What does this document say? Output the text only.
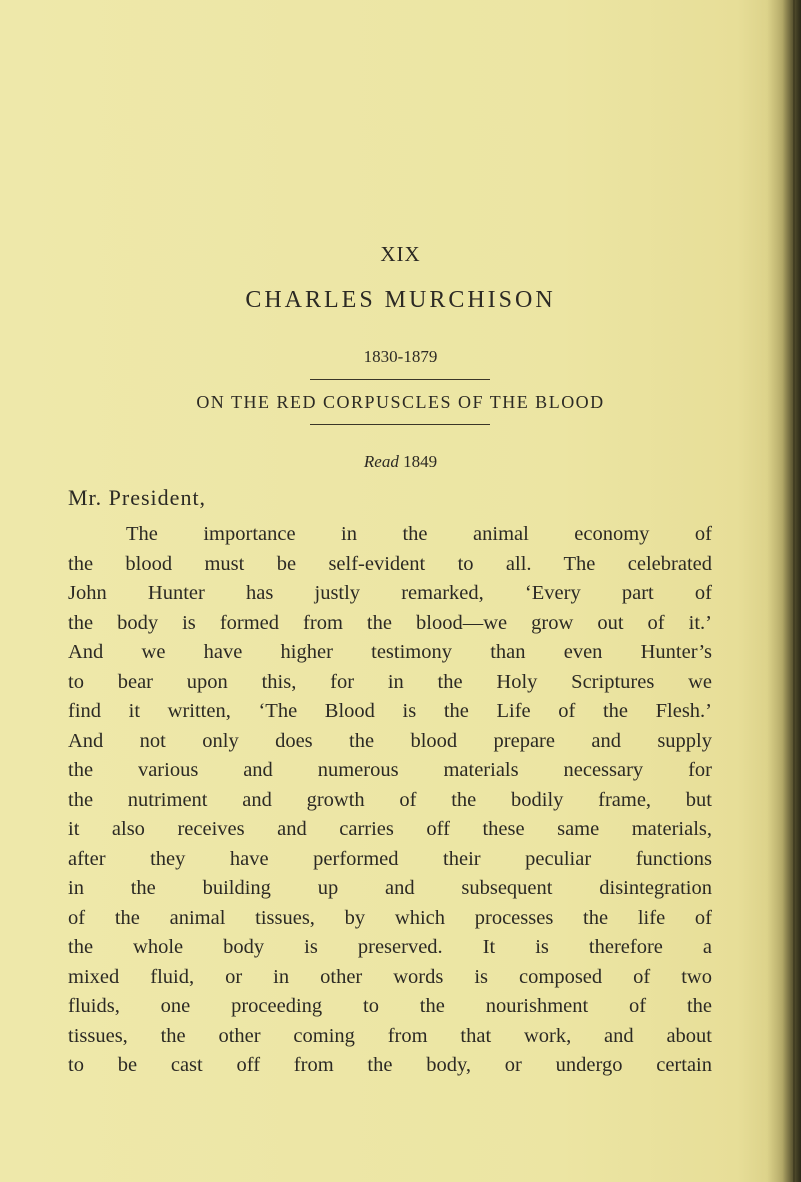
XIX
CHARLES MURCHISON
1830-1879
ON THE RED CORPUSCLES OF THE BLOOD
Read 1849
Mr. President,
The importance in the animal economy of
the blood must be self-evident to all. The celebrated
John Hunter has justly remarked, ‘Every part of
the body is formed from the blood—we grow out of it.’
And we have higher testimony than even Hunter’s
to bear upon this, for in the Holy Scriptures we
find it written, ‘The Blood is the Life of the Flesh.’
And not only does the blood prepare and supply
the various and numerous materials necessary for
the nutriment and growth of the bodily frame, but
it also receives and carries off these same materials,
after they have performed their peculiar functions
in the building up and subsequent disintegration
of the animal tissues, by which processes the life of
the whole body is preserved. It is therefore a
mixed fluid, or in other words is composed of two
fluids, one proceeding to the nourishment of the
tissues, the other coming from that work, and about
to be cast off from the body, or undergo certain
